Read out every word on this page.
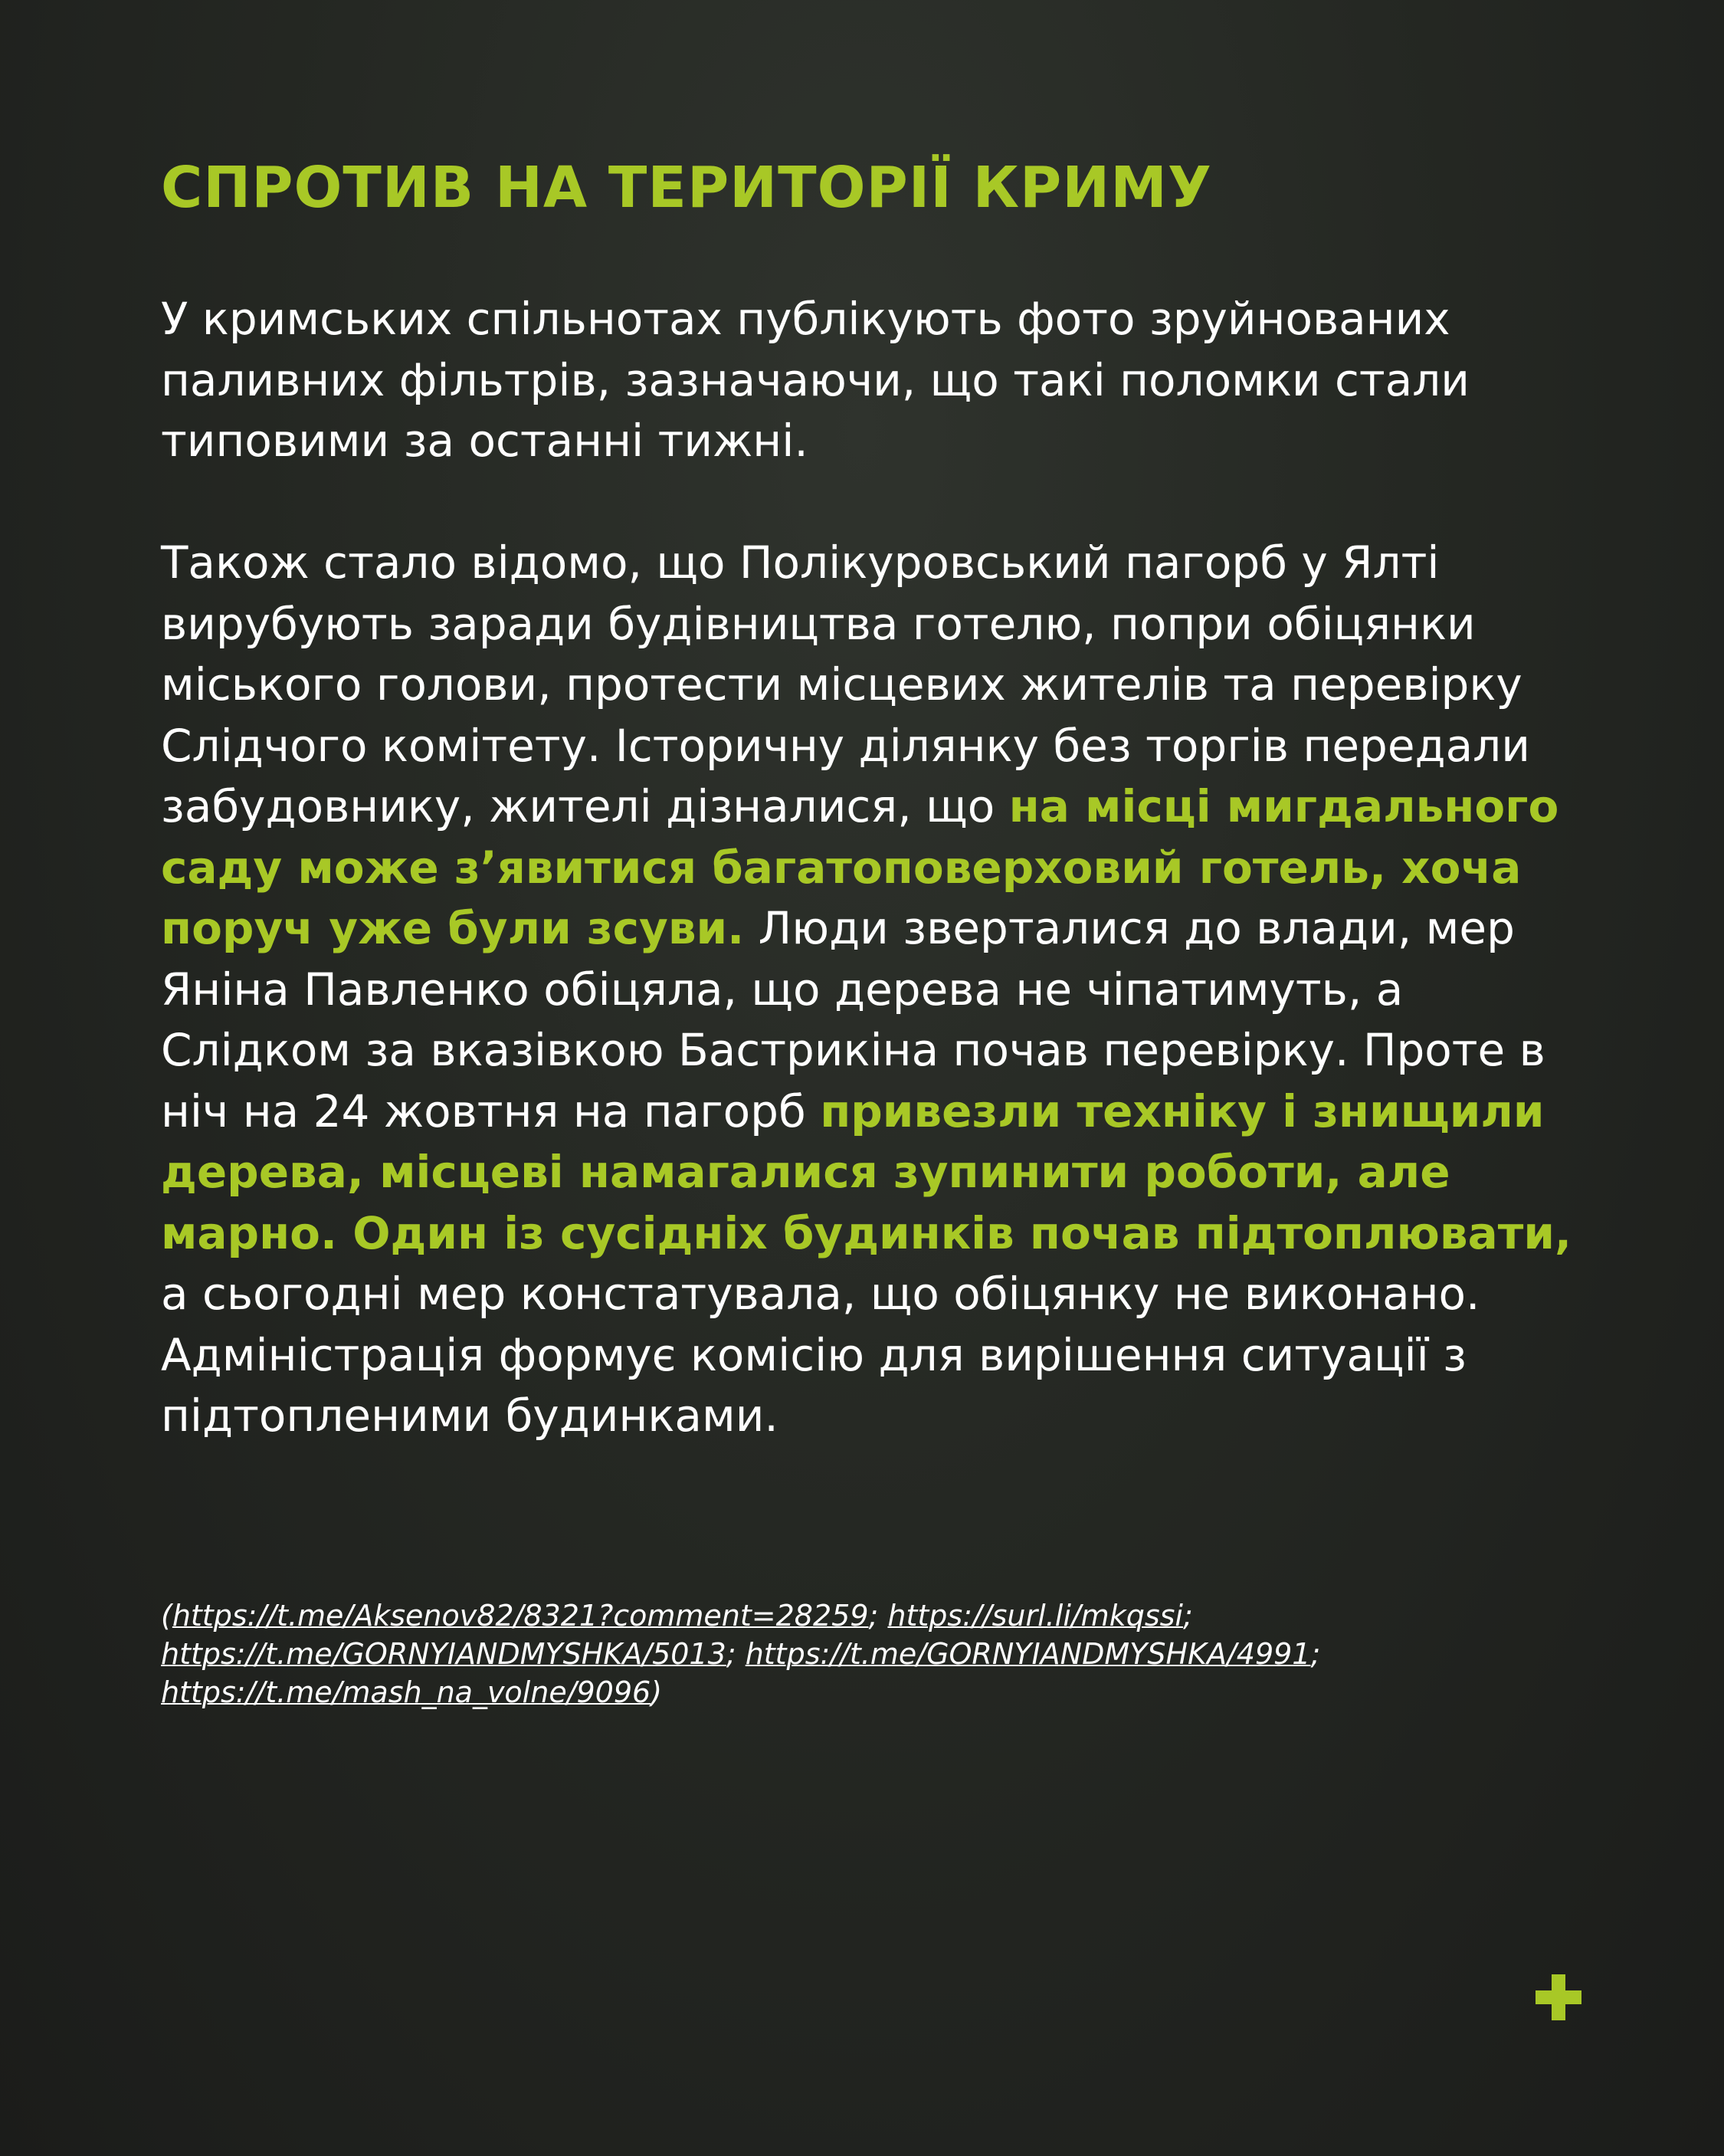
СПРОТИВ НА ТЕРИТОРІЇ КРИМУ

У кримських спільнотах публікують фото зруйнованих паливних фільтрів, зазначаючи, що такі поломки стали типовими за останні тижні.

Також стало відомо, що Полікуровський пагорб у Ялті вирубують заради будівництва готелю, попри обіцянки міського голови, протести місцевих жителів та перевірку Слідчого комітету. Історичну ділянку без торгів передали забудовнику, жителі дізналися, що на місці мигдального саду може з’явитися багатоповерховий готель, хоча поруч уже були зсуви. Люди зверталися до влади, мер Яніна Павленко обіцяла, що дерева не чіпатимуть, а Слідком за вказівкою Бастрикіна почав перевірку. Проте в ніч на 24 жовтня на пагорб привезли техніку і знищили дерева, місцеві намагалися зупинити роботи, але марно. Один із сусідніх будинків почав підтоплювати, а сьогодні мер констатувала, що обіцянку не виконано. Адміністрація формує комісію для вирішення ситуації з підтопленими будинками.

(https://t.me/Aksenov82/8321?comment=28259; https://surl.li/mkqssi;
https://t.me/GORNYIANDMYSHKA/5013; https://t.me/GORNYIANDMYSHKA/4991;
https://t.me/mash_na_volne/9096)
